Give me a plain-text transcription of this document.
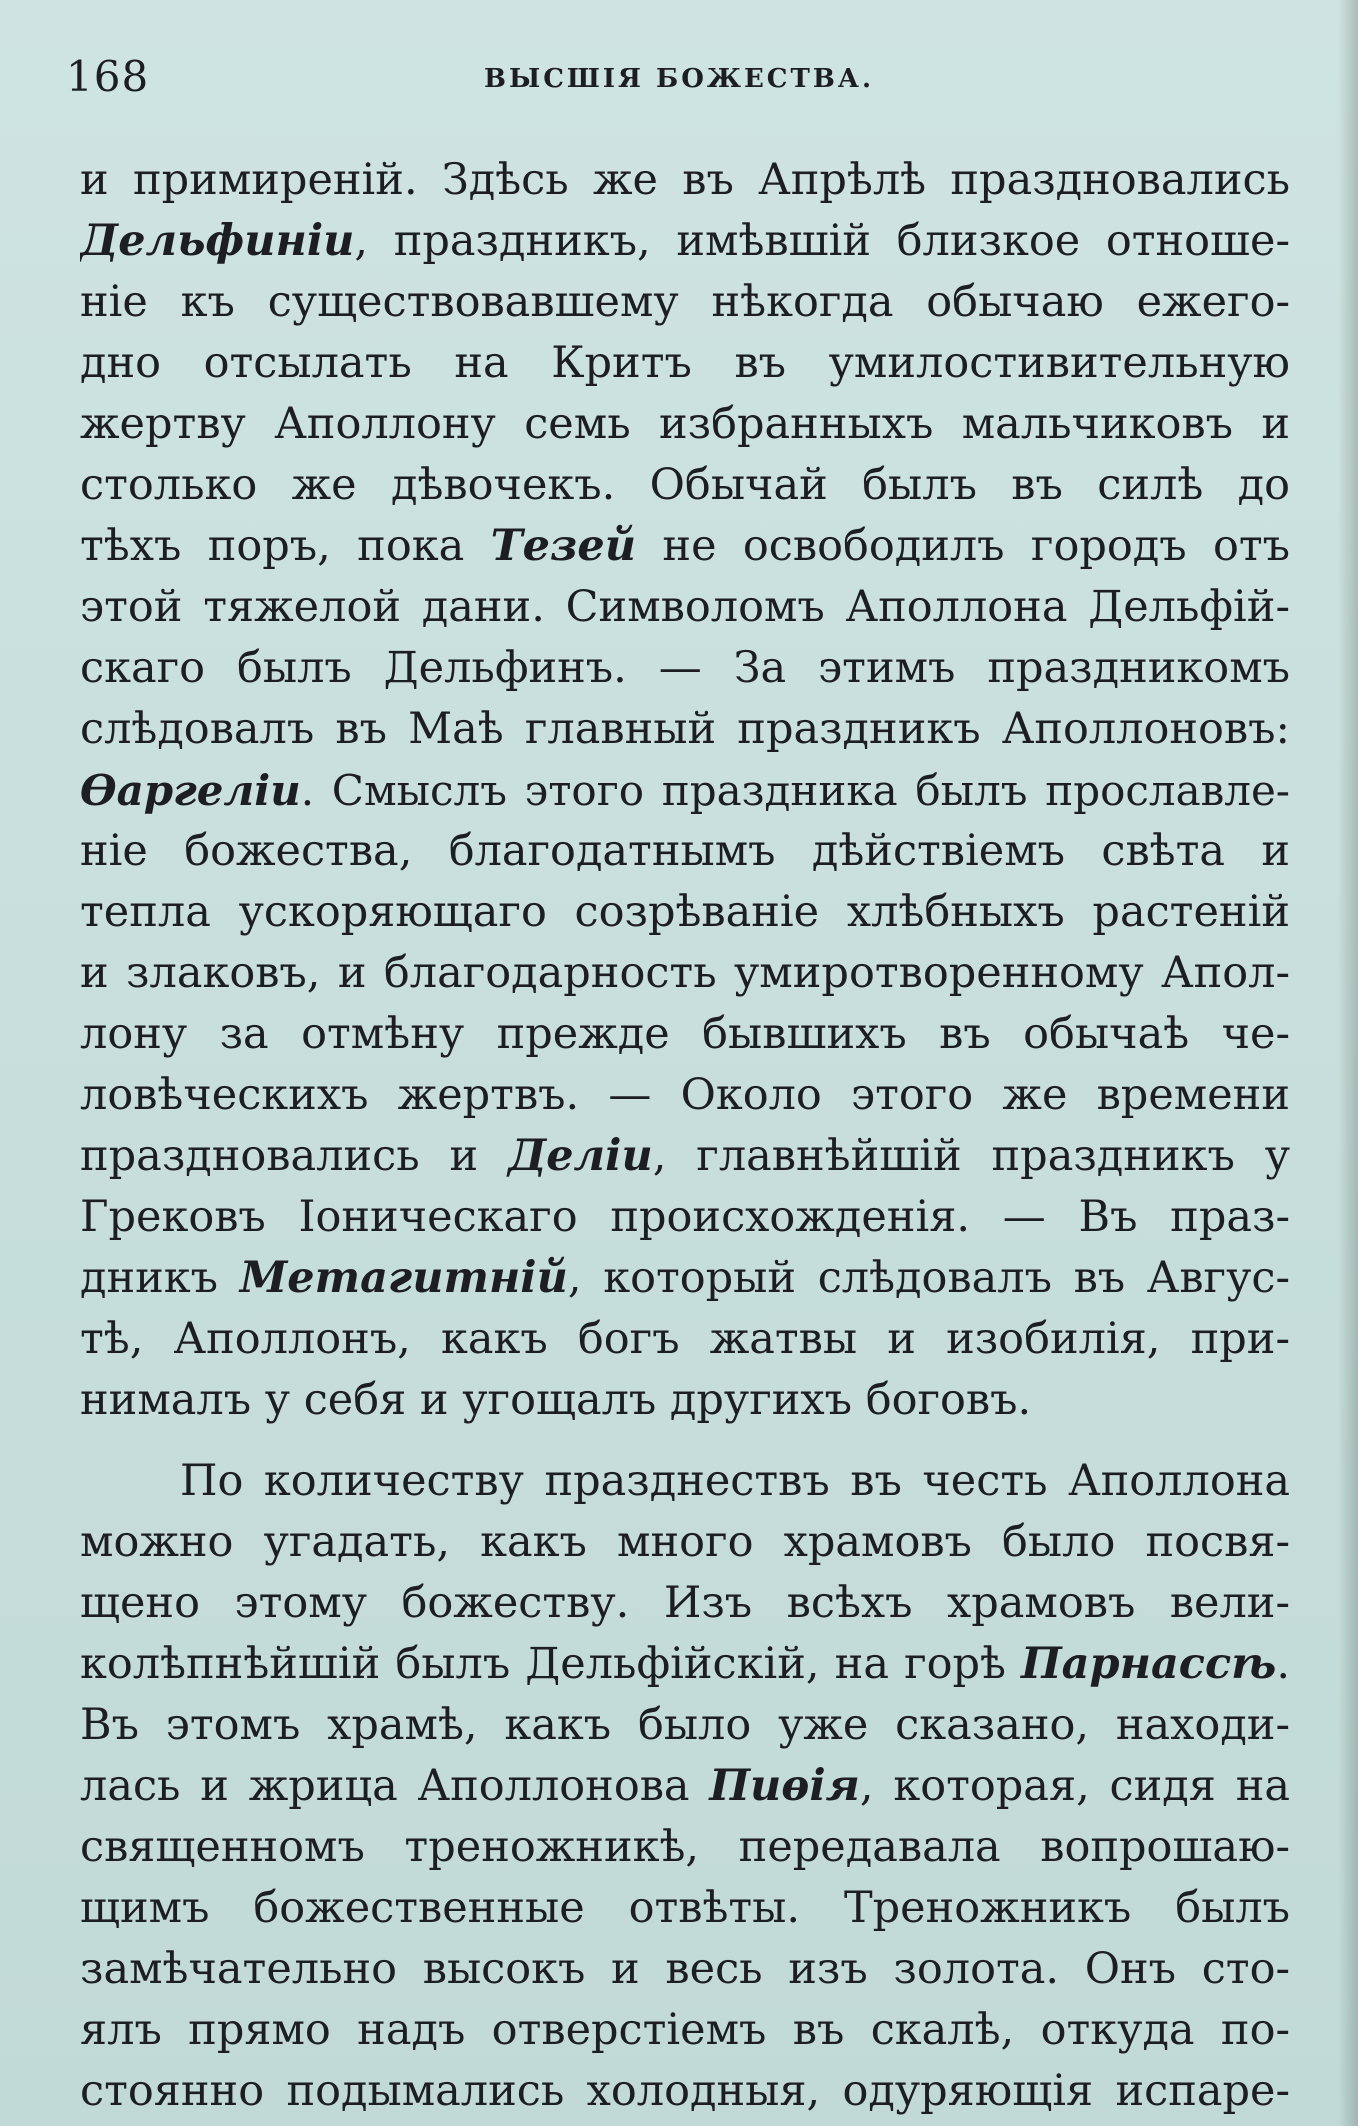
168	ВЫСШІЯ БОЖЕСТВА.
и примиреній. Здѣсь же въ Апрѣлѣ праздновались
Дельфиніи, праздникъ, имѣвшій близкое отноше-
ніе къ существовавшему нѣкогда обычаю ежего-
дно отсылать на Критъ въ умилостивительную
жертву Аполлону семь избранныхъ мальчиковъ и
столько же дѣвочекъ. Обычай былъ въ силѣ до
тѣхъ поръ, пока Тезей не освободилъ городъ отъ
этой тяжелой дани. Символомъ Аполлона Дельфій-
скаго былъ Дельфинъ. — За этимъ праздникомъ
слѣдовалъ въ Маѣ главный праздникъ Аполлоновъ:
Ѳаргеліи. Смыслъ этого праздника былъ прославле-
ніе божества, благодатнымъ дѣйствіемъ свѣта и
тепла ускоряющаго созрѣваніе хлѣбныхъ растеній
и злаковъ, и благодарность умиротворенному Апол-
лону за отмѣну прежде бывшихъ въ обычаѣ че-
ловѣческихъ жертвъ. — Около этого же времени
праздновались и Деліи, главнѣйшій праздникъ у
Грековъ Іоническаго происхожденія. — Въ праз-
дникъ Метагитній, который слѣдовалъ въ Авгус-
тѣ, Аполлонъ, какъ богъ жатвы и изобилія, при-
нималъ у себя и угощалъ другихъ боговъ.
По количеству празднествъ въ честь Аполлона
можно угадать, какъ много храмовъ было посвя-
щено этому божеству. Изъ всѣхъ храмовъ вели-
колѣпнѣйшій былъ Дельфійскій, на горѣ Парнассѣ.
Въ этомъ храмѣ, какъ было уже сказано, находи-
лась и жрица Аполлонова Пиѳія, которая, сидя на
священномъ треножникѣ, передавала вопрошаю-
щимъ божественные отвѣты. Треножникъ былъ
замѣчательно высокъ и весь изъ золота. Онъ сто-
ялъ прямо надъ отверстіемъ въ скалѣ, откуда по-
стоянно подымались холодныя, одуряющія испаре-
